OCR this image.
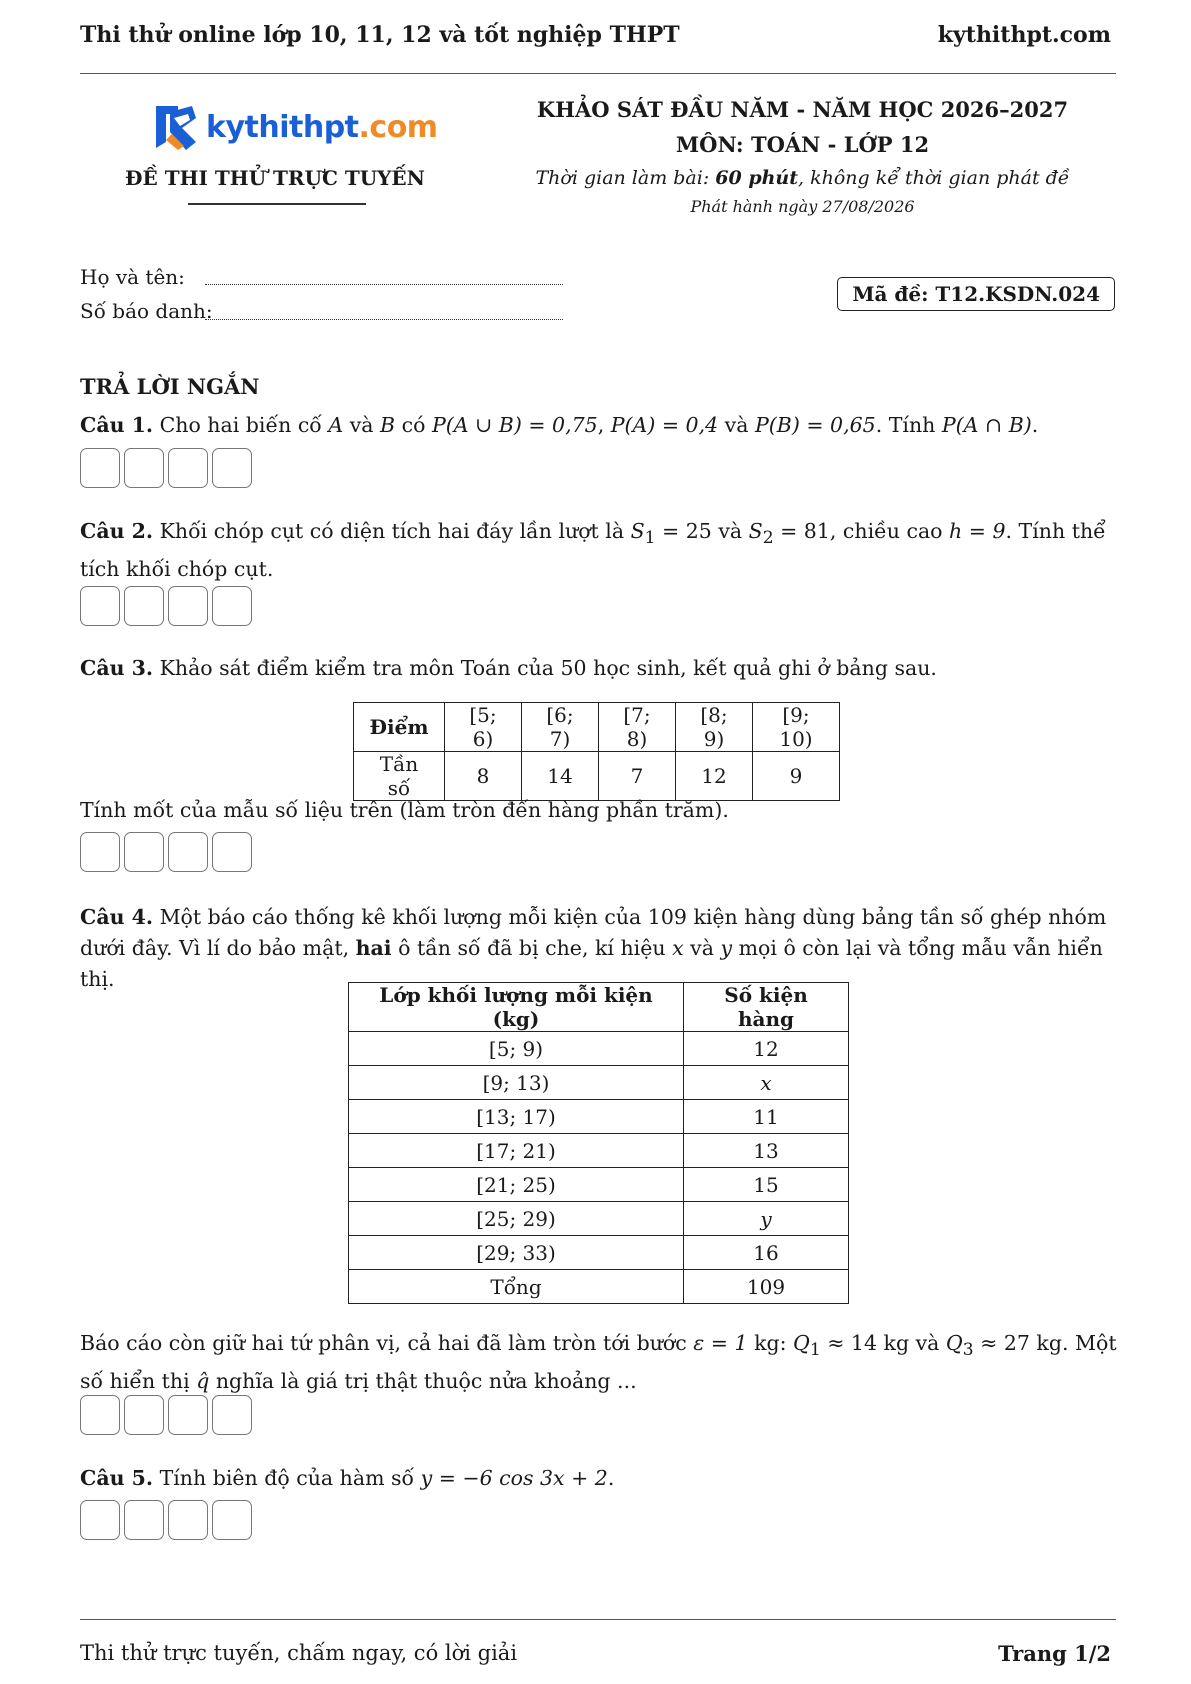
Thi thử online lớp 10, 11, 12 và tốt nghiệp THPT	kythithpt.com
kythithpt.com
ĐỀ THI THỬ TRỰC TUYẾN
KHẢO SÁT ĐẦU NĂM - NĂM HỌC 2026–2027
MÔN: TOÁN - LỚP 12
Thời gian làm bài: 60 phút, không kể thời gian phát đề
Phát hành ngày 27/08/2026
Họ và tên:
Số báo danh:
Mã đề: T12.KSDN.024
TRẢ LỜI NGẮN
Câu 1. Cho hai biến cố A và B có P(A ∪ B) = 0,75, P(A) = 0,4 và P(B) = 0,65. Tính P(A ∩ B).
Câu 2. Khối chóp cụt có diện tích hai đáy lần lượt là $S_1 = 25$ và $S_2 = 81$, chiều cao h = 9. Tính thể tích khối chóp cụt.
Câu 3. Khảo sát điểm kiểm tra môn Toán của 50 học sinh, kết quả ghi ở bảng sau.
Điểm	[5; 6)	[6; 7)	[7; 8)	[8; 9)	[9; 10)
Tần số	8	14	7	12	9
Tính mốt của mẫu số liệu trên (làm tròn đến hàng phần trăm).
Câu 4. Một báo cáo thống kê khối lượng mỗi kiện của 109 kiện hàng dùng bảng tần số ghép nhóm dưới đây. Vì lí do bảo mật, hai ô tần số đã bị che, kí hiệu x và y mọi ô còn lại và tổng mẫu vẫn hiển thị.
Lớp khối lượng mỗi kiện (kg)	Số kiện hàng
[5; 9)	12
[9; 13)	x
[13; 17)	11
[17; 21)	13
[21; 25)	15
[25; 29)	y
[29; 33)	16
Tổng	109
Báo cáo còn giữ hai tứ phân vị, cả hai đã làm tròn tới bước ε = 1 kg: $Q_1 \approx 14$ kg và $Q_3 \approx 27$ kg. Một số hiển thị q̂ nghĩa là giá trị thật thuộc nửa khoảng ...
Câu 5. Tính biên độ của hàm số y = −6 cos 3x + 2.
Thi thử trực tuyến, chấm ngay, có lời giải	Trang 1/2
